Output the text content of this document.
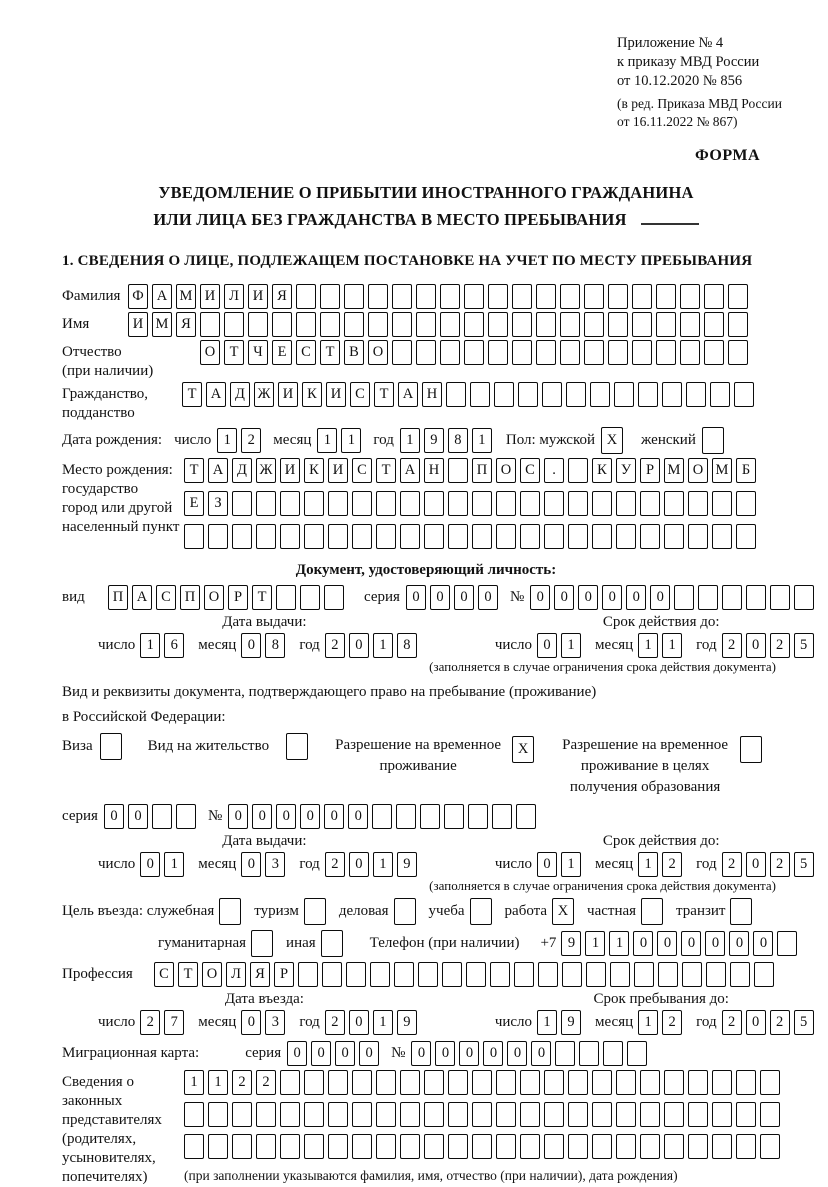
Приложение № 4
к приказу МВД России
от 10.12.2020 № 856
(в ред. Приказа МВД России
от 16.11.2022 № 867)
ФОРМА
УВЕДОМЛЕНИЕ О ПРИБЫТИИ ИНОСТРАННОГО ГРАЖДАНИНА
ИЛИ ЛИЦА БЕЗ ГРАЖДАНСТВА В МЕСТО ПРЕБЫВАНИЯ
1. СВЕДЕНИЯ О ЛИЦЕ, ПОДЛЕЖАЩЕМ ПОСТАНОВКЕ НА УЧЕТ ПО МЕСТУ ПРЕБЫВАНИЯ
Фамилия Ф А М И Л И Я
Имя	И М Я
Отчество
(при наличии)
О Т	Ч	Е	С	Т	В О
Гражданство,
подданство
Т А Д Ж И К И С	Т А Н
Дата рождения: число 1	2	месяц 1	1	год 1	9	8	1	Пол: мужской X	женский
Место рождения:
государство
город или другой
населенный пункт
Т А Д Ж И К И С	Т А Н	П О С	.	К У	Р М О М Б

Е	З

Документ, удостоверяющий личность:
вид	П А С П О	Р	Т	серия 0	0	0	0	№ 0	0	0	0	0	0
Дата выдачи:
число 1	6	месяц 0	8	год 2	0	1	8
Срок действия до:
число 0	1	месяц 1	1	год 2	0	2	5
(заполняется в случае ограничения срока действия документа)
Вид и реквизиты документа, подтверждающего право на пребывание (проживание)
в Российской Федерации:
Виза	Вид на жительство	Разрешение на временное проживание
X	Разрешение на временное проживание в целях получения образования
серия 0	0	№ 0	0	0	0	0	0
Дата выдачи:
число 0	1	месяц 0	3	год 2	0	1	9
Срок действия до:
число 0	1	месяц 1	2	год 2	0	2	5
(заполняется в случае ограничения срока действия документа)
Цель въезда: служебная	туризм	деловая	учеба	работа X	частная	транзит
гуманитарная	иная	Телефон (при наличии) +7 9	1	1	0	0	0	0	0	0
Профессия	С	Т О Л Я	Р
Дата въезда:
число 2	7	месяц 0	3	год 2	0	1	9
Срок пребывания до:
число 1	9	месяц 1	2	год 2	0	2	5
Миграционная карта:	серия 0	0	0	0	№ 0	0	0	0	0	0
Сведения о
законных
представителях
(родителях,
усыновителях,
попечителях)
1	1	2	2

(при заполнении указываются фамилия, имя, отчество (при наличии), дата рождения)
